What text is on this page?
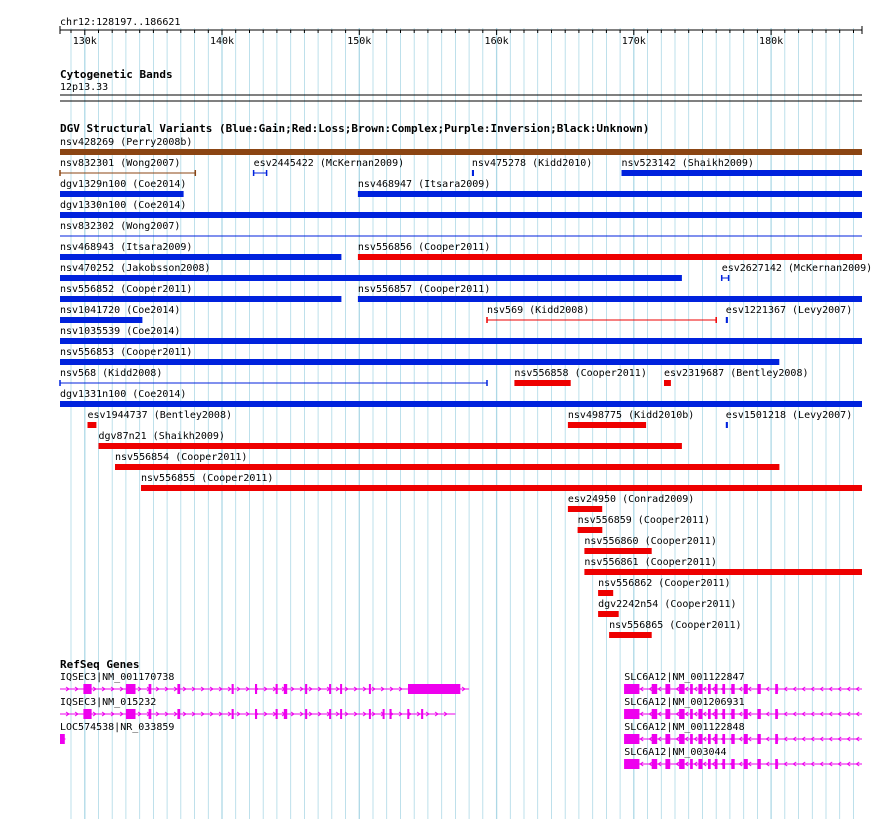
chr12:128197..186621
130k	140k	150k	160k	170k	180k
Cytogenetic Bands
12p13.33
DGV Structural Variants (Blue:Gain;Red:Loss;Brown:Complex;Purple:Inversion;Black:Unknown)
nsv428269 (Perry2008b)
nsv832301 (Wong2007)	esv2445422 (McKernan2009)	nsv475278 (Kidd2010)	nsv523142 (Shaikh2009)
dgv1329n100 (Coe2014)	nsv468947 (Itsara2009)
dgv1330n100 (Coe2014)
nsv832302 (Wong2007)
nsv468943 (Itsara2009)	nsv556856 (Cooper2011)
nsv470252 (Jakobsson2008)	esv2627142 (McKernan2009)
nsv556852 (Cooper2011)	nsv556857 (Cooper2011)
nsv1041720 (Coe2014)	nsv569 (Kidd2008)	esv1221367 (Levy2007)
nsv1035539 (Coe2014)
nsv556853 (Cooper2011)
nsv568 (Kidd2008)	nsv556858 (Cooper2011) esv2319687 (Bentley2008)
dgv1331n100 (Coe2014)
esv1944737 (Bentley2008)	nsv498775 (Kidd2010b)	esv1501218 (Levy2007)
dgv87n21 (Shaikh2009)
nsv556854 (Cooper2011)
nsv556855 (Cooper2011)
esv24950 (Conrad2009)
nsv556859 (Cooper2011)
nsv556860 (Cooper2011)
nsv556861 (Cooper2011)
nsv556862 (Cooper2011)
dgv2242n54 (Cooper2011)
nsv556865 (Cooper2011)
RefSeq Genes
IQSEC3|NM_001170738
IQSEC3|NM_015232
LOC574538|NR_033859
SLC6A12|NM_001122847
SLC6A12|NM_001206931
SLC6A12|NM_001122848
SLC6A12|NM_003044
